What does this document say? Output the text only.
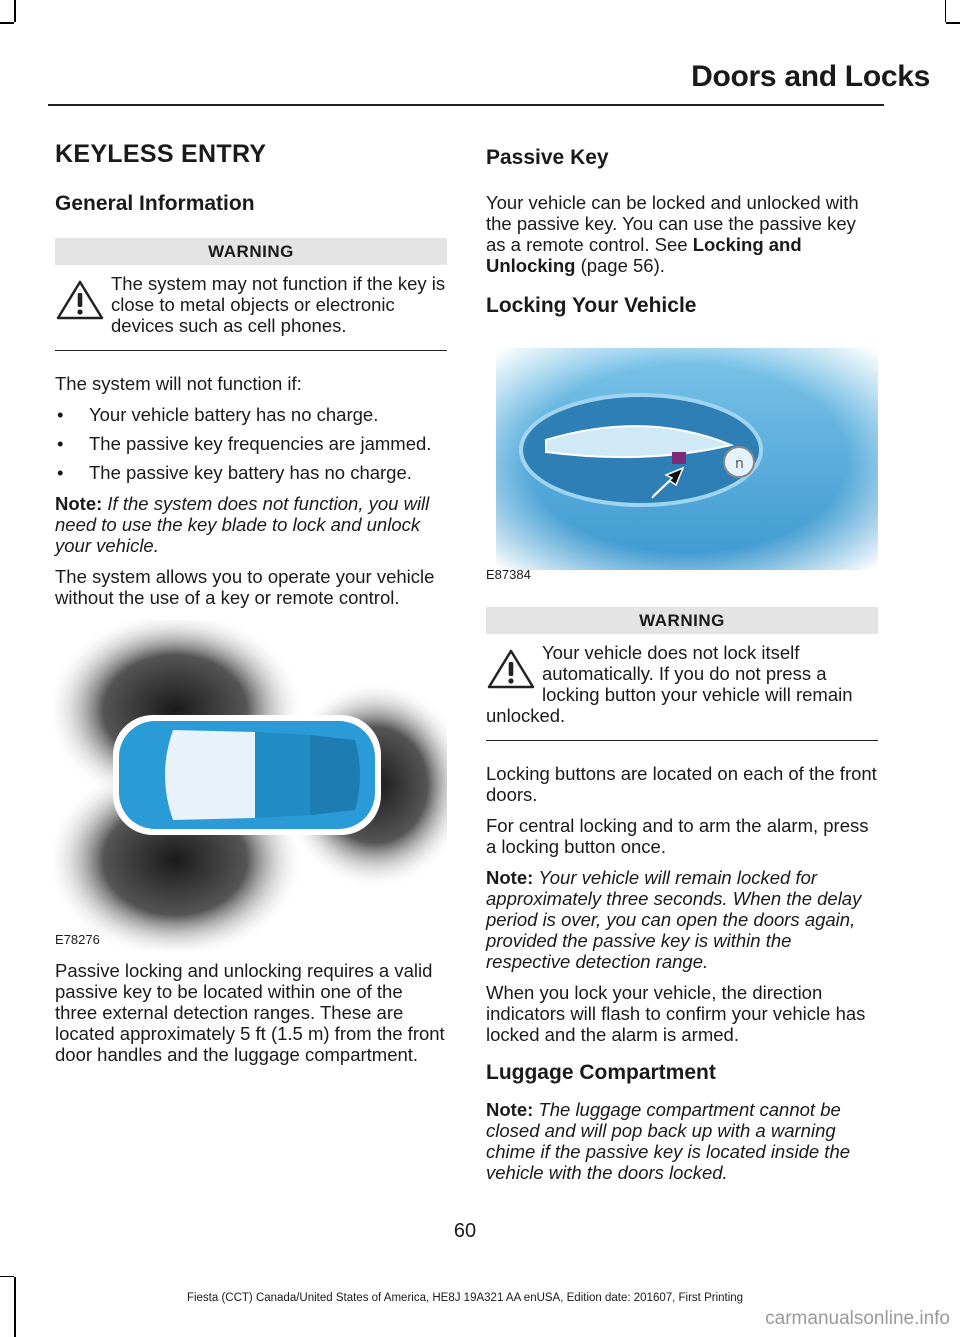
Doors and Locks
KEYLESS ENTRY
General Information
WARNING
The system may not function if the key is close to metal objects or electronic devices such as cell phones.

The system will not function if:

• Your vehicle battery has no charge.
• The passive key frequencies are jammed.
• The passive key battery has no charge.

Note: If the system does not function, you will need to use the key blade to lock and unlock your vehicle.

The system allows you to operate your vehicle without the use of a key or remote control.

E78276

Passive locking and unlocking requires a valid passive key to be located within one of the three external detection ranges. These are located approximately 5 ft (1.5 m) from the front door handles and the luggage compartment.

Passive Key

Your vehicle can be locked and unlocked with the passive key. You can use the passive key as a remote control. See Locking and Unlocking (page 56).

Locking Your Vehicle
E87384
WARNING
Your vehicle does not lock itself automatically. If you do not press a locking button your vehicle will remain unlocked.

Locking buttons are located on each of the front doors.

For central locking and to arm the alarm, press a locking button once.

Note: Your vehicle will remain locked for approximately three seconds. When the delay period is over, you can open the doors again, provided the passive key is within the respective detection range.

When you lock your vehicle, the direction indicators will flash to confirm your vehicle has locked and the alarm is armed.

Luggage Compartment

Note: The luggage compartment cannot be closed and will pop back up with a warning chime if the passive key is located inside the vehicle with the doors locked.

60
Fiesta (CCT) Canada/United States of America, HE8J 19A321 AA enUSA, Edition date: 201607, First Printing
carmanualsonline.info
